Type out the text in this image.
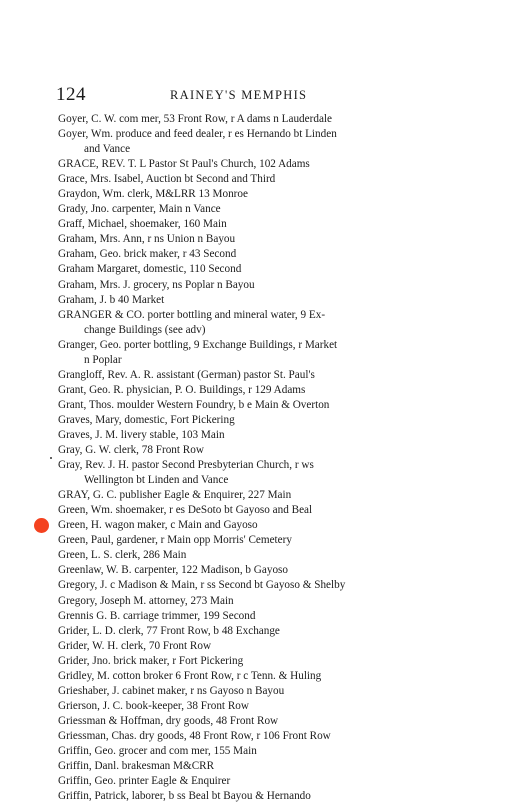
124	RAINEY'S MEMPHIS
Goyer, C. W. com mer, 53 Front Row, r A dams n Lauderdale
Goyer, Wm. produce and feed dealer, r es Hernando bt Linden
and Vance
GRACE, REV. T. L Pastor St Paul's Church, 102 Adams
Grace, Mrs. Isabel, Auction bt Second and Third
Graydon, Wm. clerk, M&LRR 13 Monroe
Grady, Jno. carpenter, Main n Vance
Graff, Michael, shoemaker, 160 Main
Graham, Mrs. Ann, r ns Union n Bayou
Graham, Geo. brick maker, r 43 Second
Graham Margaret, domestic, 110 Second
Graham, Mrs. J. grocery, ns Poplar n Bayou
Graham, J. b 40 Market
GRANGER & CO. porter bottling and mineral water, 9 Ex-
change Buildings (see adv)
Granger, Geo. porter bottling, 9 Exchange Buildings, r Market
n Poplar
Grangloff, Rev. A. R. assistant (German) pastor St. Paul's
Grant, Geo. R. physician, P. O. Buildings, r 129 Adams
Grant, Thos. moulder Western Foundry, b e Main & Overton
Graves, Mary, domestic, Fort Pickering
Graves, J. M. livery stable, 103 Main
Gray, G. W. clerk, 78 Front Row
Gray, Rev. J. H. pastor Second Presbyterian Church, r ws
Wellington bt Linden and Vance
GRAY, G. C. publisher Eagle & Enquirer, 227 Main
Green, Wm. shoemaker, r es DeSoto bt Gayoso and Beal
Green, H. wagon maker, c Main and Gayoso
Green, Paul, gardener, r Main opp Morris' Cemetery
Green, L. S. clerk, 286 Main
Greenlaw, W. B. carpenter, 122 Madison, b Gayoso
Gregory, J. c Madison & Main, r ss Second bt Gayoso & Shelby
Gregory, Joseph M. attorney, 273 Main
Grennis G. B. carriage trimmer, 199 Second
Grider, L. D. clerk, 77 Front Row, b 48 Exchange
Grider, W. H. clerk, 70 Front Row
Grider, Jno. brick maker, r Fort Pickering
Gridley, M. cotton broker 6 Front Row, r c Tenn. & Huling
Grieshaber, J. cabinet maker, r ns Gayoso n Bayou
Grierson, J. C. book-keeper, 38 Front Row
Griessman & Hoffman, dry goods, 48 Front Row
Griessman, Chas. dry goods, 48 Front Row, r 106 Front Row
Griffin, Geo. grocer and com mer, 155 Main
Griffin, Danl. brakesman M&CRR
Griffin, Geo. printer Eagle & Enquirer
Griffin, Patrick, laborer, b ss Beal bt Bayou & Hernando
